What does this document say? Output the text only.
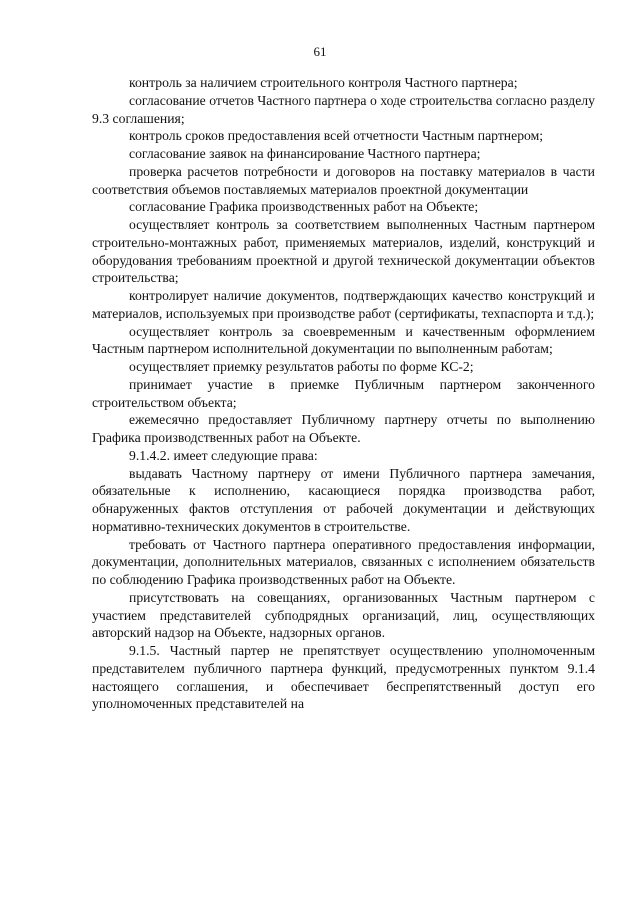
61

контроль за наличием строительного контроля Частного партнера;

согласование отчетов Частного партнера о ходе строительства согласно разделу 9.3 соглашения;

контроль сроков предоставления всей отчетности Частным партнером;

согласование заявок на финансирование Частного партнера;

проверка расчетов потребности и договоров на поставку материалов в части соответствия объемов поставляемых материалов проектной документации

согласование Графика производственных работ на Объекте;

осуществляет контроль за соответствием выполненных Частным партнером строительно-монтажных работ, применяемых материалов, изделий, конструкций и оборудования требованиям проектной и другой технической документации объектов строительства;

контролирует наличие документов, подтверждающих качество конструкций и материалов, используемых при производстве работ (сертификаты, техпаспорта и т.д.);

осуществляет контроль за своевременным и качественным оформлением Частным партнером исполнительной документации по выполненным работам;

осуществляет приемку результатов работы по форме КС-2;

принимает участие в приемке Публичным партнером законченного строительством объекта;

ежемесячно предоставляет Публичному партнеру отчеты по выполнению Графика производственных работ на Объекте.

9.1.4.2. имеет следующие права:

выдавать Частному партнеру от имени Публичного партнера замечания, обязательные к исполнению, касающиеся порядка производства работ, обнаруженных фактов отступления от рабочей документации и действующих нормативно-технических документов в строительстве.

требовать от Частного партнера оперативного предоставления информации, документации, дополнительных материалов, связанных с исполнением обязательств по соблюдению Графика производственных работ на Объекте.

присутствовать на совещаниях, организованных Частным партнером с участием представителей субподрядных организаций, лиц, осуществляющих авторский надзор на Объекте, надзорных органов.

9.1.5. Частный партер не препятствует осуществлению уполномоченным представителем публичного партнера функций, предусмотренных пунктом 9.1.4 настоящего соглашения, и обеспечивает беспрепятственный доступ его уполномоченных представителей на
